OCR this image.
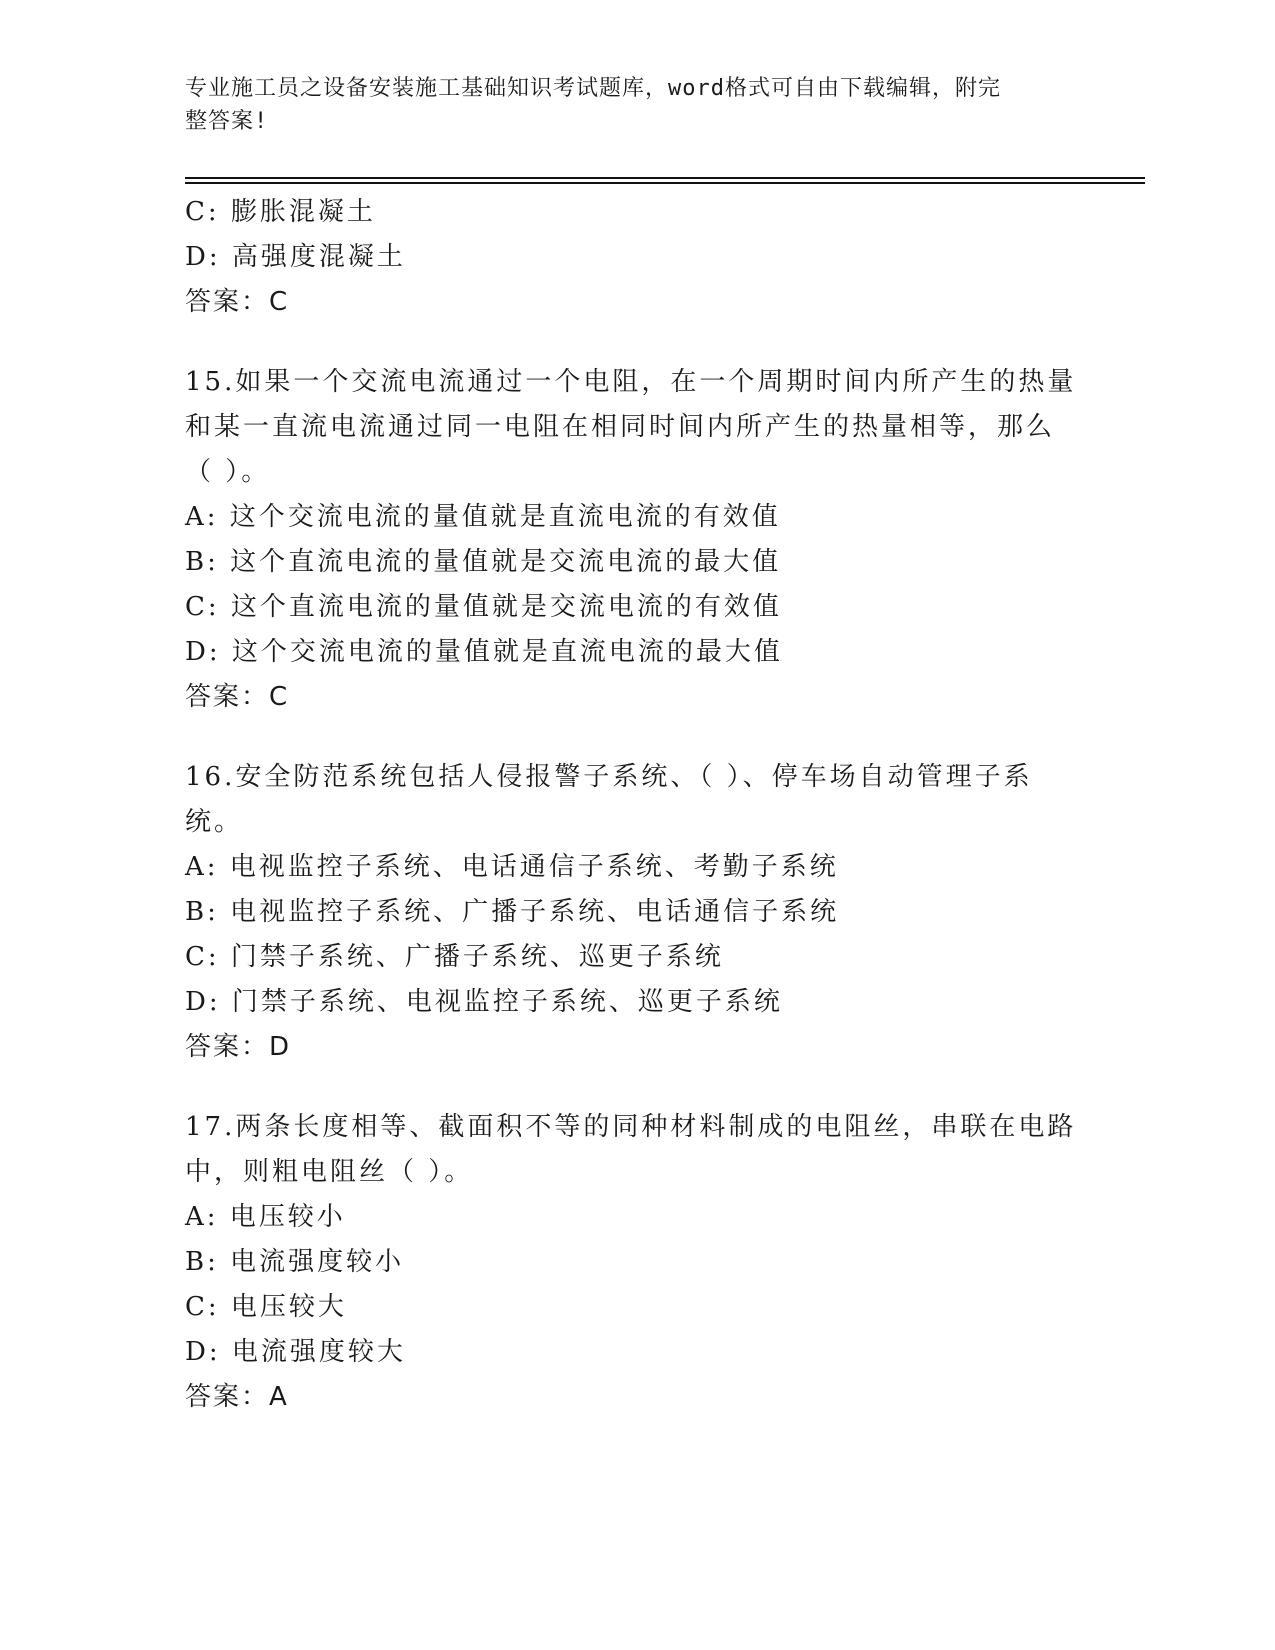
专业施工员之设备安装施工基础知识考试题库，word格式可自由下载编辑，附完
整答案!
C: 膨胀混凝土
D: 高强度混凝土
答案：C
15.如果一个交流电流通过一个电阻，在一个周期时间内所产生的热量
和某一直流电流通过同一电阻在相同时间内所产生的热量相等，那么
（ ）。
A: 这个交流电流的量值就是直流电流的有效值
B: 这个直流电流的量值就是交流电流的最大值
C: 这个直流电流的量值就是交流电流的有效值
D: 这个交流电流的量值就是直流电流的最大值
答案：C
16.安全防范系统包括人侵报警子系统、（ ）、停车场自动管理子系
统。
A: 电视监控子系统、电话通信子系统、考勤子系统
B: 电视监控子系统、广播子系统、电话通信子系统
C: 门禁子系统、广播子系统、巡更子系统
D: 门禁子系统、电视监控子系统、巡更子系统
答案：D
17.两条长度相等、截面积不等的同种材料制成的电阻丝，串联在电路
中，则粗电阻丝（ ）。
A: 电压较小
B: 电流强度较小
C: 电压较大
D: 电流强度较大
答案：A
